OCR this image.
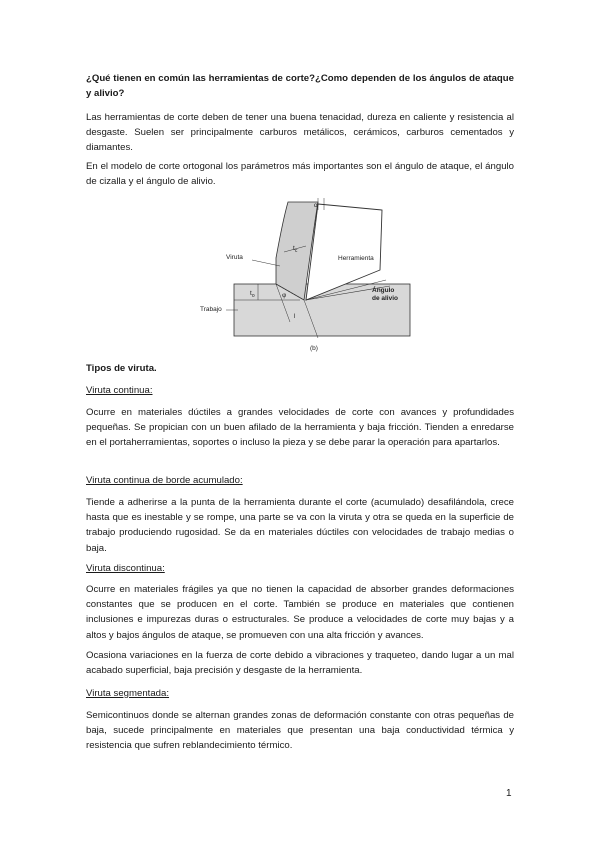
¿Qué tienen en común las herramientas de corte?¿Como dependen de los ángulos de ataque y alivio?
Las herramientas de corte deben de tener una buena tenacidad, dureza en caliente y resistencia al desgaste. Suelen ser principalmente carburos metálicos, cerámicos, carburos cementados y diamantes.
En el modelo de corte ortogonal los parámetros más importantes son el ángulo de ataque, el ángulo de cizalla y el ángulo de alivio.
Viruta	Herramienta
Ángulo
de alivio
Trabajo
(b)
$t_c$
$t_o$	φ
α
l
Tipos de viruta.
Viruta continua:
Ocurre en materiales dúctiles a grandes velocidades de corte con avances y profundidades pequeñas. Se propician con un buen afilado de la herramienta y baja fricción. Tienden a enredarse en el portaherramientas, soportes o incluso la pieza y se debe parar la operación para apartarlos.
Viruta continua de borde acumulado:
Tiende a adherirse a la punta de la herramienta durante el corte (acumulado) desafilándola, crece hasta que es inestable y se rompe, una parte se va con la viruta y otra se queda en la superficie de trabajo produciendo rugosidad. Se da en materiales dúctiles con velocidades de trabajo medias o baja.
Viruta discontinua:
Ocurre en materiales frágiles ya que no tienen la capacidad de absorber grandes deformaciones constantes que se producen en el corte. También se produce en materiales que contienen inclusiones e impurezas duras o estructurales. Se produce a velocidades de corte muy bajas y a altos y bajos ángulos de ataque, se promueven con una alta fricción y avances.
Ocasiona variaciones en la fuerza de corte debido a vibraciones y traqueteo, dando lugar a un mal acabado superficial, baja precisión y desgaste de la herramienta.
Viruta segmentada:
Semicontinuos donde se alternan grandes zonas de deformación constante con otras pequeñas de baja, sucede principalmente en materiales que presentan una baja conductividad térmica y resistencia que sufren reblandecimiento térmico.
1
